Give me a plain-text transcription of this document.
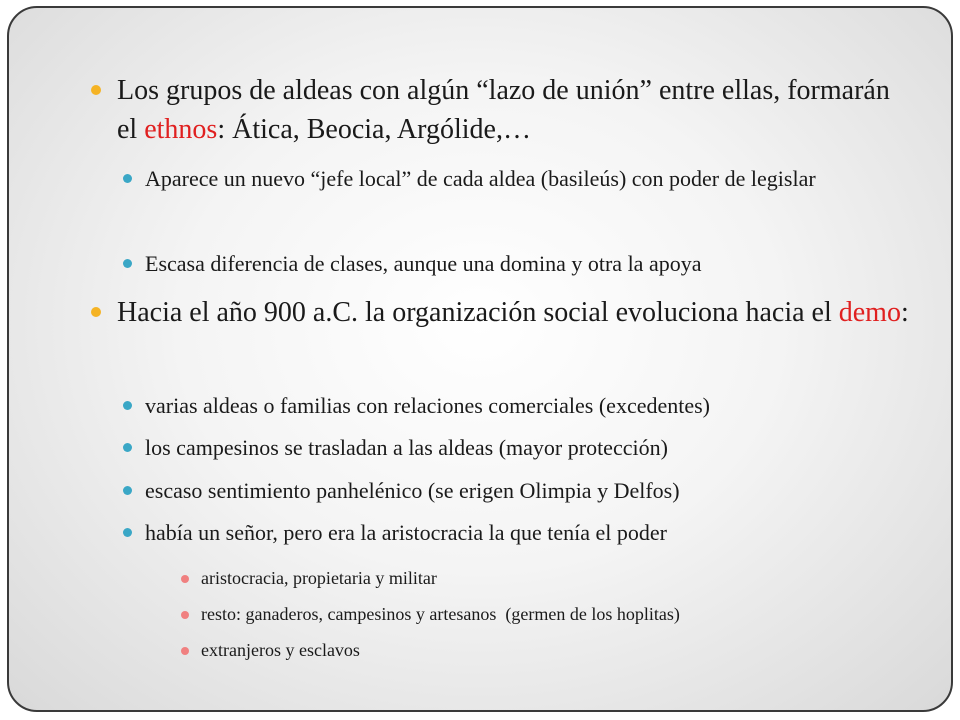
Los grupos de aldeas con algún “lazo de unión” entre ellas, formarán el ethnos: Ática, Beocia, Argólide,…
Aparece un nuevo “jefe local” de cada aldea (basileús) con poder de legislar
Escasa diferencia de clases, aunque una domina y otra la apoya
Hacia el año 900 a.C. la organización social evoluciona hacia el demo:
varias aldeas o familias con relaciones comerciales (excedentes)
los campesinos se trasladan a las aldeas (mayor protección)
escaso sentimiento panhelénico (se erigen Olimpia y Delfos)
había un señor, pero era la aristocracia la que tenía el poder
aristocracia, propietaria y militar
resto: ganaderos, campesinos y artesanos  (germen de los hoplitas)
extranjeros y esclavos
